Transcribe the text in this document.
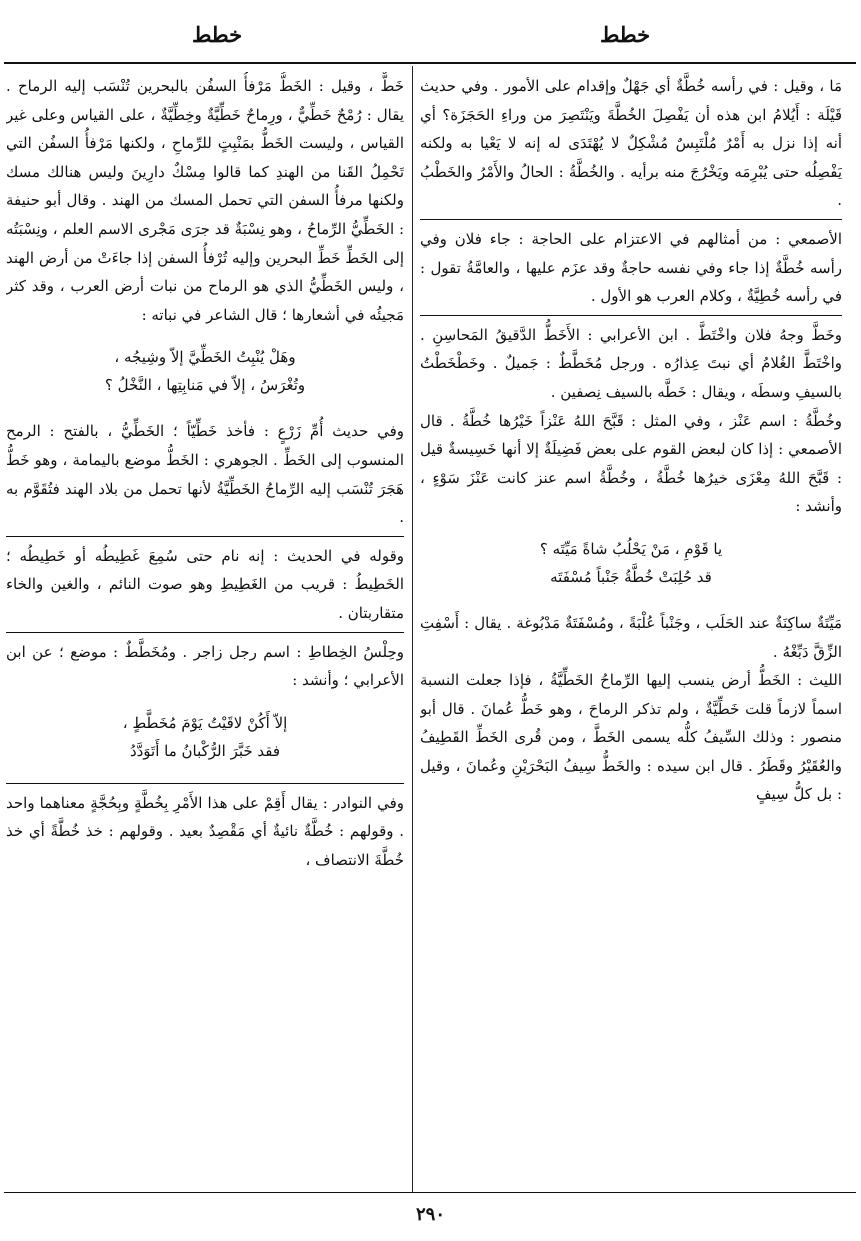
خطط
خطط

مَا ، وقيل : في رأسه خُطَّةٌ أي جَهْلٌ وإقدام على الأمور . وفي حديث قَيْلَة : أَيُلامُ ابن هذه أن يَفْصِلَ الخُطَّةَ ويَنْتَصِرَ من وراءِ الحَجَزَة؟ أي أنه إذا نزل به أَمْرٌ مُلْتَبِسٌ مُشْكِلٌ لا يُهْتَدَى له إنه لا يَعْيا به ولكنه يَفْصِلُه حتى يُبْرِمَه ويَخْرُجَ منه برأيه . والخُطَّةُ : الحالُ والأَمْرُ والخَطْبُ .

الأصمعي : من أمثالهم في الاعتزام على الحاجة : جاء فلان وفي رأسه خُطَّةٌ إذا جاء وفي نفسه حاجةٌ وقد عزَم عليها ، والعامَّةُ تقول : في رأسه خُطِيَّةٌ ، وكلام العرب هو الأول .

وخَطَّ وجهُ فلان واخْتَطَّ . ابن الأعرابي : الأَخَطُّ الدَّقيقُ المَحاسِنِ . واخْتَطَّ الغُلامُ أي نبتَ عِذارُه . ورجل مُخَطَّطٌ : جَميلٌ . وخَطْخَطْتُ بالسيفِ وسطَه ، ويقال : خَطَّه بالسيف نِصفين .

وخُطَّةُ : اسم عَنْز ، وفي المثل : قَبَّحَ اللهُ عَنْزاً خَيْرُها خُطَّةُ . قال الأصمعي : إذا كان لبعض القوم على بعض فَضِيلَةٌ إلا أنها خَسِيسةٌ قيل : قَبَّحَ اللهُ مِعْزَى خيرُها خُطَّةُ ، وخُطَّةُ اسم عنز كانت عَنْزَ سَوْءٍ ، وأنشد :

يا قَوْمِ ، مَنْ يَحْلُبُ شاةً مَيِّتَه ؟
قد حُلِبَتْ خُطَّةُ جَنْباً مُسْفَتَه

مَيِّتَةٌ ساكِنَةٌ عند الحَلَب ، وجَنْباً عُلْبَةً ، ومُسْفَتَةٌ مَدْبُوغة . يقال : أَسْفِتِ الزِّقَّ دَبِّغْهُ .

الليث : الخَطُّ أرض ينسب إليها الرِّماحُ الخَطِّيَّةُ ، فإذا جعلت النسبة اسماً لازماً قلت خَطِّيَّةٌ ، ولم تذكر الرماحَ ، وهو خَطُّ عُمانَ . قال أبو منصور : وذلك السِّيفُ كلُّه يسمى الخَطَّ ، ومن قُرى الخَطِّ القَطِيفُ والعُقَيْرُ وقَطَرُ . قال ابن سيده : والخَطُّ سِيفُ البَحْرَيْنِ وعُمانَ ، وقيل : بل كلُّ سِيفٍ

خَطٌّ ، وقيل : الخَطُّ مَرْفأُ السفُن بالبحرين تُنْسَب إليه الرماح . يقال : رُمْحٌ خَطِّيٌّ ، ورِماحٌ خَطِّيَّةٌ وخِطِّيَّةٌ ، على القياس وعلى غير القياس ، وليست الخَطُّ بمَنْبِتٍ للرِّماحِ ، ولكنها مَرْفأُ السفُن التي تَحْمِلُ القَنا من الهندِ كما قالوا مِسْكٌ دارِينَ وليس هنالك مسك ولكنها مرفأُ السفن التي تحمل المسك من الهند . وقال أبو حنيفة : الخَطِّيُّ الرِّماحُ ، وهو نِسْبَةٌ قد جرَى مَجْرى الاسم العلم ، ونِسْبَتُه إلى الخَطِّ خَطِّ البحرين وإليه تُرْفأُ السفن إذا جاءَتْ من أرض الهند ، وليس الخَطِّيُّ الذي هو الرماح من نبات أرض العرب ، وقد كثر مَجيئُه في أشعارها ؛ قال الشاعر في نباته :

وهَلْ يُنْبِتُ الخَطِّيَّ إلاّ وشِيجُه ،
وتُغْرَسُ ، إلاّ في مَنابِتِها ، النَّخْلُ ؟

وفي حديث أُمِّ زَرْعٍ : فأخذ خَطِّيّاً ؛ الخَطِّيُّ ، بالفتح : الرمح المنسوب إلى الخَطِّ . الجوهري : الخَطُّ موضع باليمامة ، وهو خَطُّ هَجَرَ تُنْسَب إليه الرِّماحُ الخَطِّيَّةُ لأنها تحمل من بلاد الهند فتُقَوَّم به .

وقوله في الحديث : إنه نام حتى سُمِعَ غَطِيطُه أو خَطِيطُه ؛ الخَطِيطُ : قريب من الغَطِيطِ وهو صوت النائم ، والغين والخاء متقاربتان .

وحِلْسُ الخِطاطِ : اسم رجل زاجر . ومُخَطَّطٌ : موضع ؛ عن ابن الأعرابي ؛ وأنشد :

إلاّ أَكُنْ لاقَيْتُ يَوْمَ مُخَطَّطٍ ،
فقد خَبَّرَ الرُّكْبانُ ما أَتَوَدَّدُ

وفي النوادر : يقال أَقِمْ على هذا الأَمْرِ بِخُطَّةٍ وبِحُجَّةٍ معناهما واحد . وقولهم : خُطَّةٌ نائيةٌ أي مَقْصِدٌ بعيد . وقولهم : خذ خُطَّةً أي خذ خُطَّةَ الانتصاف ،

٢٩٠
